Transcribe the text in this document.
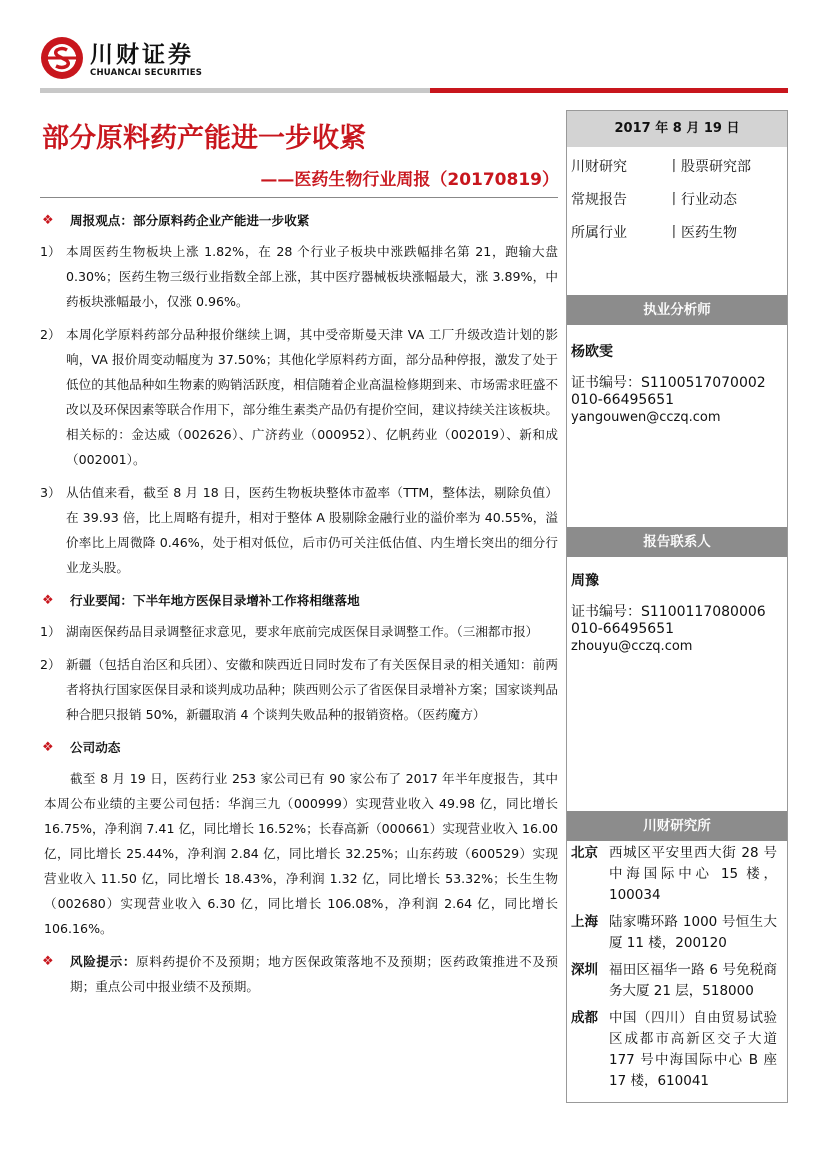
川财证券
CHUANCAI SECURITIES
部分原料药产能进一步收紧
——医药生物行业周报（20170819）
❖	周报观点：部分原料药企业产能进一步收紧
1） 本周医药生物板块上涨 1.82%，在 28 个行业子板块中涨跌幅排名第 21，跑输大盘 0.30%；医药生物三级行业指数全部上涨，其中医疗器械板块涨幅最大，涨 3.89%，中药板块涨幅最小，仅涨 0.96%。
2） 本周化学原料药部分品种报价继续上调，其中受帝斯曼天津 VA 工厂升级改造计划的影响，VA 报价周变动幅度为 37.50%；其他化学原料药方面，部分品种停报，激发了处于低位的其他品种如生物素的购销活跃度，相信随着企业高温检修期到来、市场需求旺盛不改以及环保因素等联合作用下，部分维生素类产品仍有提价空间，建议持续关注该板块。相关标的：金达威（002626）、广济药业（000952）、亿帆药业（002019）、新和成（002001）。
3） 从估值来看，截至 8 月 18 日，医药生物板块整体市盈率（TTM，整体法，剔除负值）在 39.93 倍，比上周略有提升，相对于整体 A 股剔除金融行业的溢价率为 40.55%，溢价率比上周微降 0.46%，处于相对低位，后市仍可关注低估值、内生增长突出的细分行业龙头股。
❖	行业要闻：下半年地方医保目录增补工作将相继落地
1） 湖南医保药品目录调整征求意见，要求年底前完成医保目录调整工作。（三湘都市报）
2） 新疆（包括自治区和兵团）、安徽和陕西近日同时发布了有关医保目录的相关通知：前两者将执行国家医保目录和谈判成功品种；陕西则公示了省医保目录增补方案；国家谈判品种合肥只报销 50%，新疆取消 4 个谈判失败品种的报销资格。（医药魔方）
❖	公司动态
截至 8 月 19 日，医药行业 253 家公司已有 90 家公布了 2017 年半年度报告，其中本周公布业绩的主要公司包括：华润三九（000999）实现营业收入 49.98 亿，同比增长 16.75%，净利润 7.41 亿，同比增长 16.52%；长春高新（000661）实现营业收入 16.00 亿，同比增长 25.44%，净利润 2.84 亿，同比增长 32.25%；山东药玻（600529）实现营业收入 11.50 亿，同比增长 18.43%，净利润 1.32 亿，同比增长 53.32%；长生生物（002680）实现营业收入 6.30 亿，同比增长 106.08%，净利润 2.64 亿，同比增长 106.16%。
❖	风险提示：原料药提价不及预期；地方医保政策落地不及预期；医药政策推进不及预期；重点公司中报业绩不及预期。
2017 年 8 月 19 日
川财研究	丨股票研究部
常规报告	丨行业动态
所属行业	丨医药生物
执业分析师
杨欧雯
证书编号：S1100517070002
010-66495651
yangouwen@cczq.com
报告联系人
周豫
证书编号：S1100117080006
010-66495651
zhouyu@cczq.com
川财研究所
北京 西城区平安里西大街 28 号中海国际中心 15 楼，100034
上海 陆家嘴环路 1000 号恒生大厦 11 楼，200120
深圳 福田区福华一路 6 号免税商务大厦 21 层，518000
成都 中国（四川）自由贸易试验区成都市高新区交子大道 177 号中海国际中心 B 座 17 楼，610041
